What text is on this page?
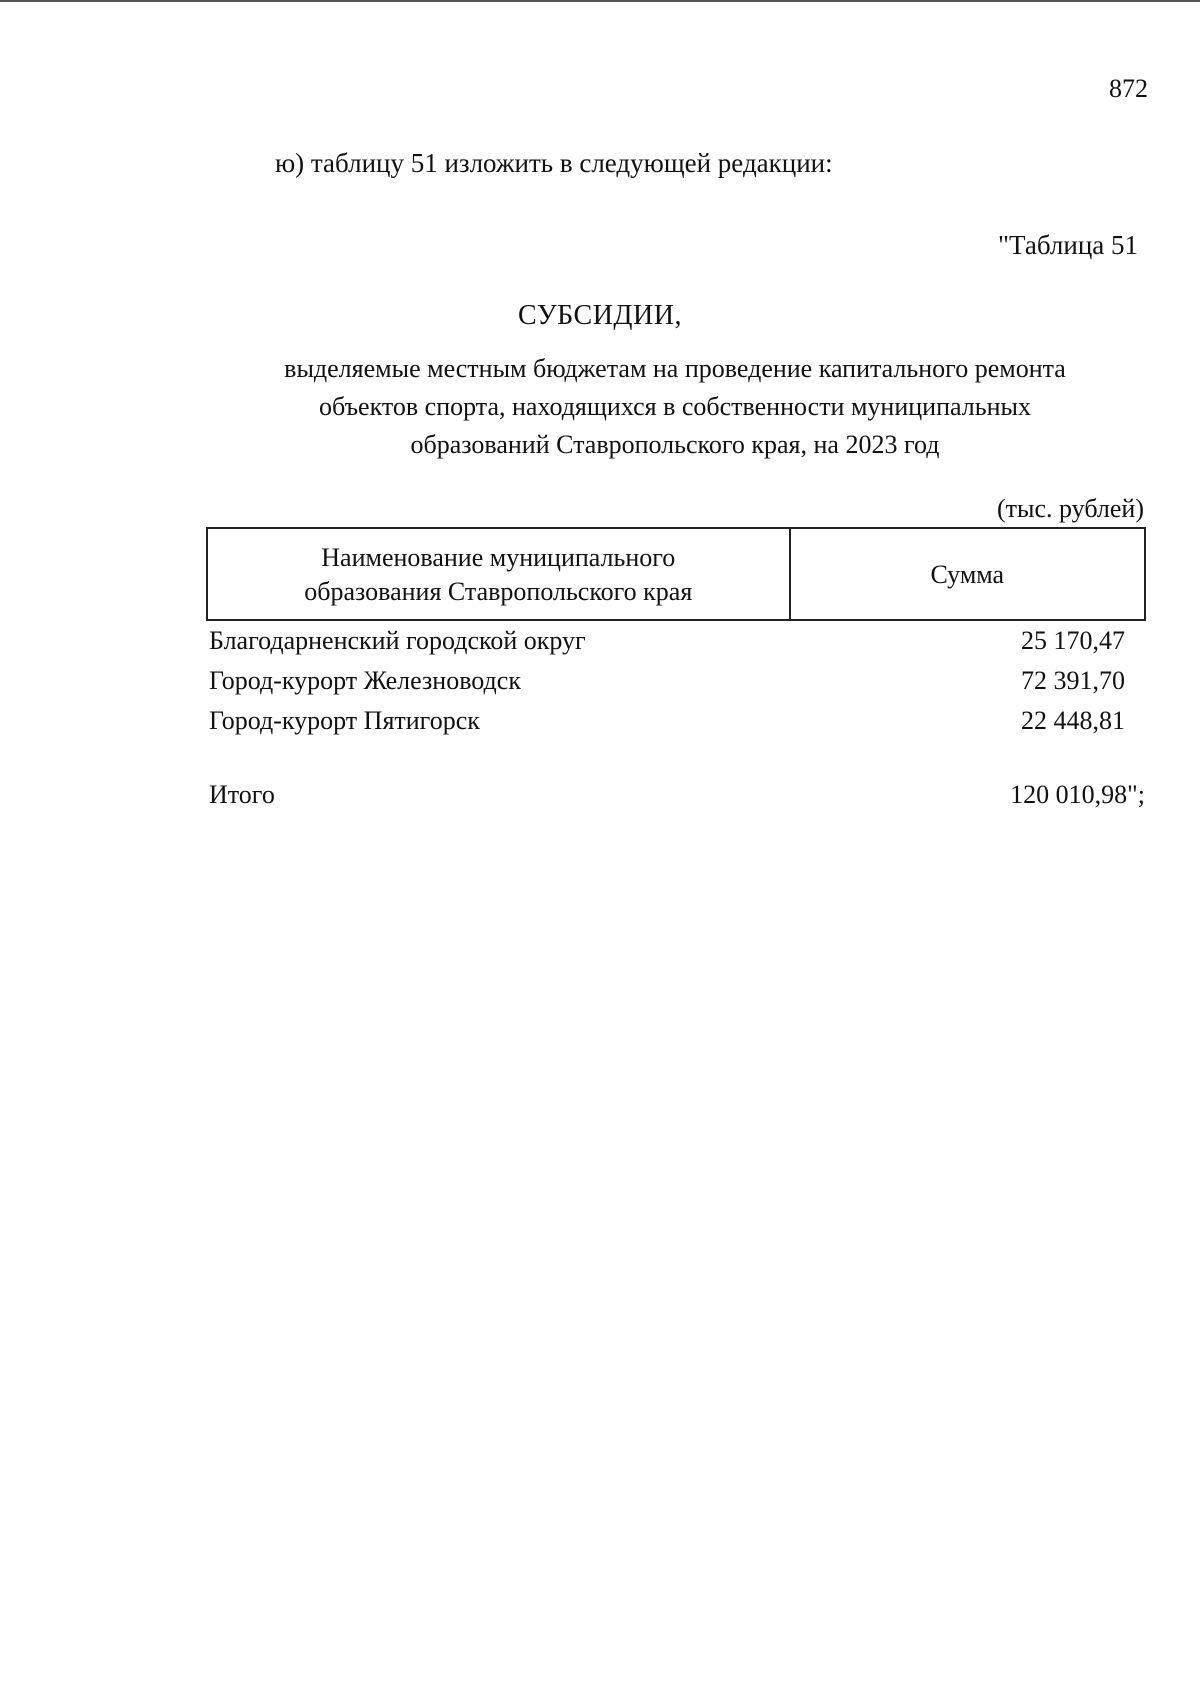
872
ю) таблицу 51 изложить в следующей редакции:
"Таблица 51
СУБСИДИИ,
выделяемые местным бюджетам на проведение капитального ремонта
объектов спорта, находящихся в собственности муниципальных
образований Ставропольского края, на 2023 год
(тыс. рублей)
Наименование муниципального
образования Ставропольского края	Сумма
Благодарненский городской округ	25 170,47
Город-курорт Железноводск	72 391,70
Город-курорт Пятигорск	22 448,81

Итого	120 010,98";
